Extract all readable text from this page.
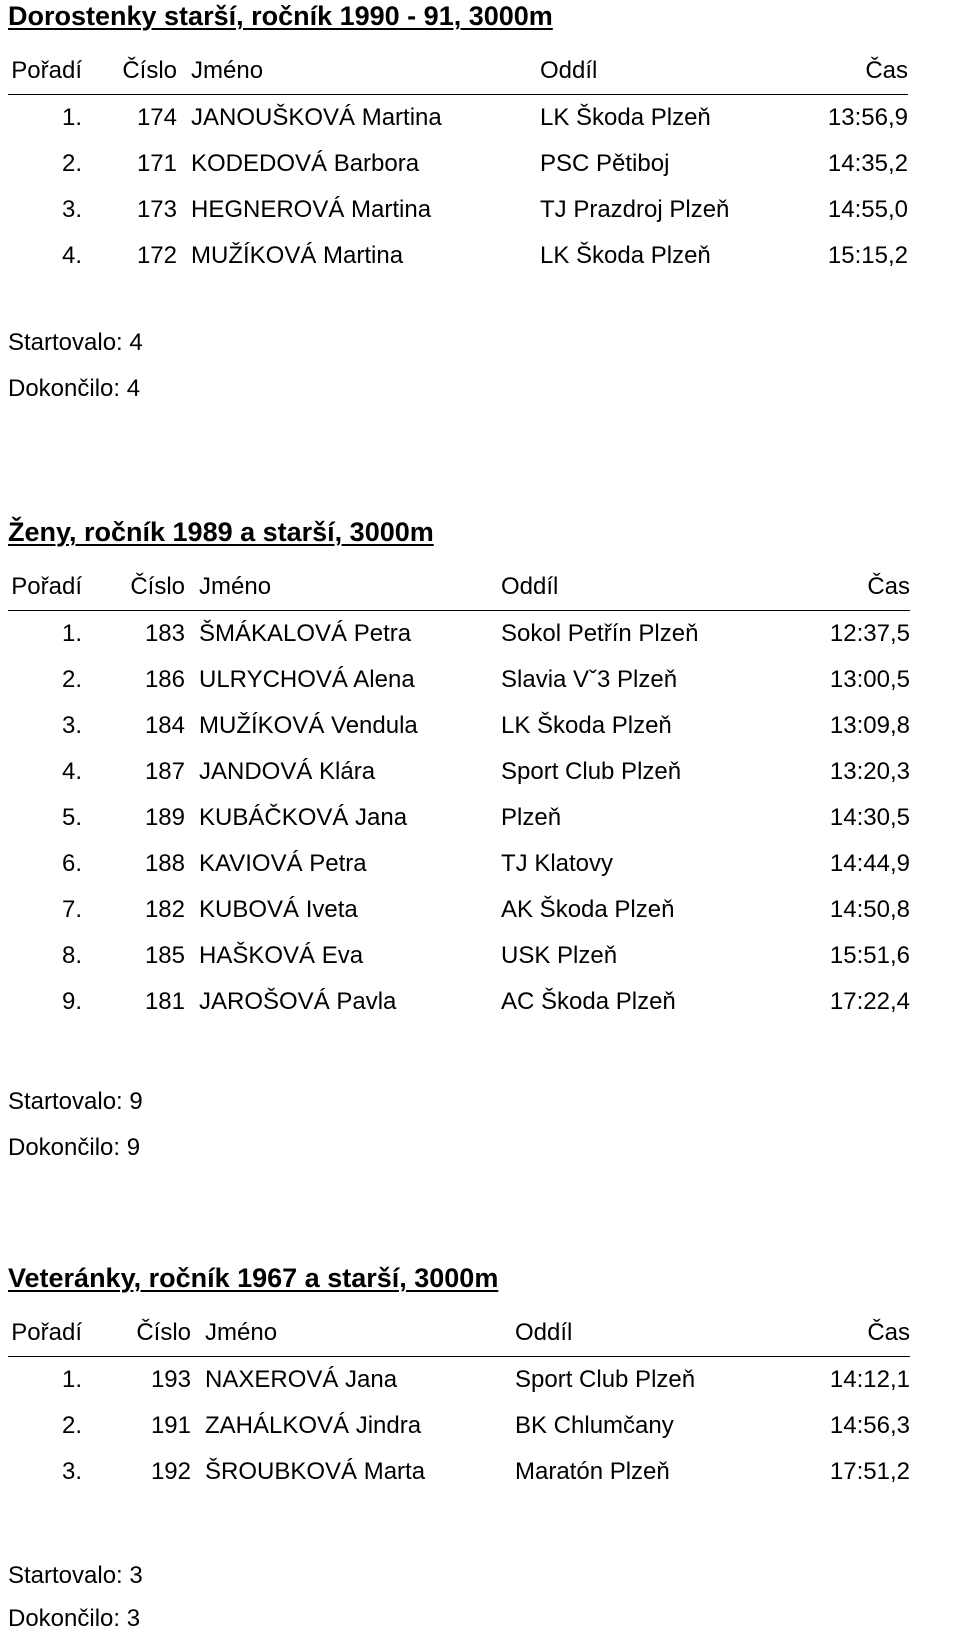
Dorostenky starší, ročník 1990 - 91, 3000m
Pořadí	Číslo	Jméno	Oddíl	Čas
1.	174	JANOUŠKOVÁ Martina	LK Škoda Plzeň	13:56,9
2.	171	KODEDOVÁ Barbora	PSC Pětiboj	14:35,2
3.	173	HEGNEROVÁ Martina	TJ Prazdroj Plzeň	14:55,0
4.	172	MUŽÍKOVÁ Martina	LK Škoda Plzeň	15:15,2
Startovalo: 4
Dokončilo: 4
Ženy, ročník 1989 a starší, 3000m
Pořadí	Číslo	Jméno	Oddíl	Čas
1.	183	ŠMÁKALOVÁ Petra	Sokol Petřín Plzeň	12:37,5
2.	186	ULRYCHOVÁ Alena	Slavia Vˇ3 Plzeň	13:00,5
3.	184	MUŽÍKOVÁ Vendula	LK Škoda Plzeň	13:09,8
4.	187	JANDOVÁ Klára	Sport Club Plzeň	13:20,3
5.	189	KUBÁČKOVÁ Jana	Plzeň	14:30,5
6.	188	KAVIOVÁ Petra	TJ Klatovy	14:44,9
7.	182	KUBOVÁ Iveta	AK Škoda Plzeň	14:50,8
8.	185	HAŠKOVÁ Eva	USK Plzeň	15:51,6
9.	181	JAROŠOVÁ Pavla	AC Škoda Plzeň	17:22,4
Startovalo: 9
Dokončilo: 9
Veteránky, ročník 1967 a starší, 3000m
Pořadí	Číslo	Jméno	Oddíl	Čas
1.	193	NAXEROVÁ Jana	Sport Club Plzeň	14:12,1
2.	191	ZAHÁLKOVÁ Jindra	BK Chlumčany	14:56,3
3.	192	ŠROUBKOVÁ Marta	Maratón Plzeň	17:51,2
Startovalo: 3
Dokončilo: 3
